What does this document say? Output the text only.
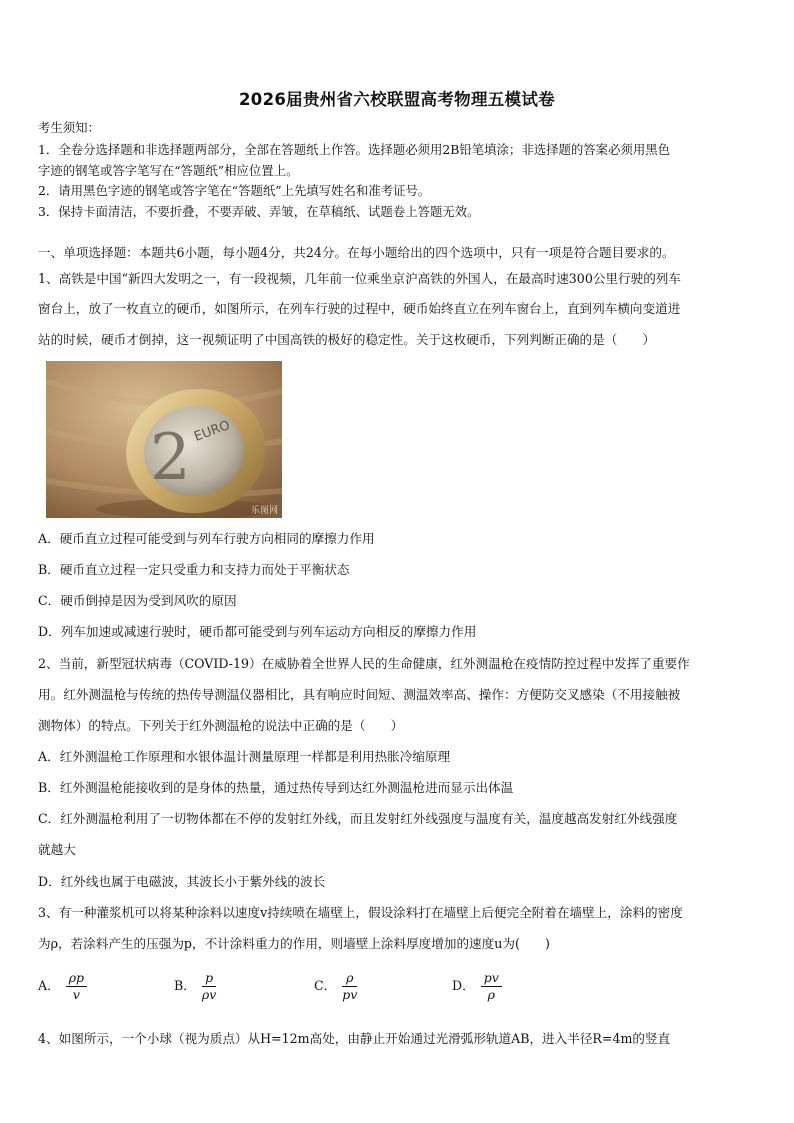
2026届贵州省六校联盟高考物理五模试卷
考生须知：
1．全卷分选择题和非选择题两部分，全部在答题纸上作答。选择题必须用2B铅笔填涂；非选择题的答案必须用黑色
字迹的钢笔或答字笔写在“答题纸”相应位置上。
2．请用黑色字迹的钢笔或答字笔在“答题纸”上先填写姓名和准考证号。
3．保持卡面清洁，不要折叠，不要弄破、弄皱，在草稿纸、试题卷上答题无效。
一、单项选择题：本题共6小题，每小题4分，共24分。在每小题给出的四个选项中，只有一项是符合题目要求的。
1、高铁是中国“新四大发明之一，有一段视频，几年前一位乘坐京沪高铁的外国人，在最高时速300公里行驶的列车
窗台上，放了一枚直立的硬币，如图所示，在列车行驶的过程中，硬币始终直立在列车窗台上，直到列车横向变道进
站的时候，硬币才倒掉，这一视频证明了中国高铁的极好的稳定性。关于这枚硬币，下列判断正确的是（　　）
2 EURO
乐图网
A．硬币直立过程可能受到与列车行驶方向相同的摩擦力作用
B．硬币直立过程一定只受重力和支持力而处于平衡状态
C．硬币倒掉是因为受到风吹的原因
D．列车加速或减速行驶时，硬币都可能受到与列车运动方向相反的摩擦力作用
2、当前，新型冠状病毒（COVID-19）在威胁着全世界人民的生命健康，红外测温枪在疫情防控过程中发挥了重要作
用。红外测温枪与传统的热传导测温仪器相比，具有响应时间短、测温效率高、操作：方便防交叉感染（不用接触被
测物体）的特点。下列关于红外测温枪的说法中正确的是（　　）
A．红外测温枪工作原理和水银体温计测量原理一样都是利用热胀冷缩原理
B．红外测温枪能接收到的是身体的热量，通过热传导到达红外测温枪进而显示出体温
C．红外测温枪利用了一切物体都在不停的发射红外线，而且发射红外线强度与温度有关，温度越高发射红外线强度
就越大
D．红外线也属于电磁波，其波长小于紫外线的波长
3、有一种灌浆机可以将某种涂料以速度v持续喷在墙壁上，假设涂料打在墙壁上后便完全附着在墙壁上，涂料的密度
为ρ，若涂料产生的压强为p，不计涂料重力的作用，则墙壁上涂料厚度增加的速度u为(　　)
A． $\frac{\rho p}{v}$	B． $\frac{p}{\rho v}$	C． $\frac{\rho}{pv}$	D． $\frac{pv}{\rho}$
4、如图所示，一个小球（视为质点）从H=12m高处，由静止开始通过光滑弧形轨道AB，进入半径R=4m的竖直
